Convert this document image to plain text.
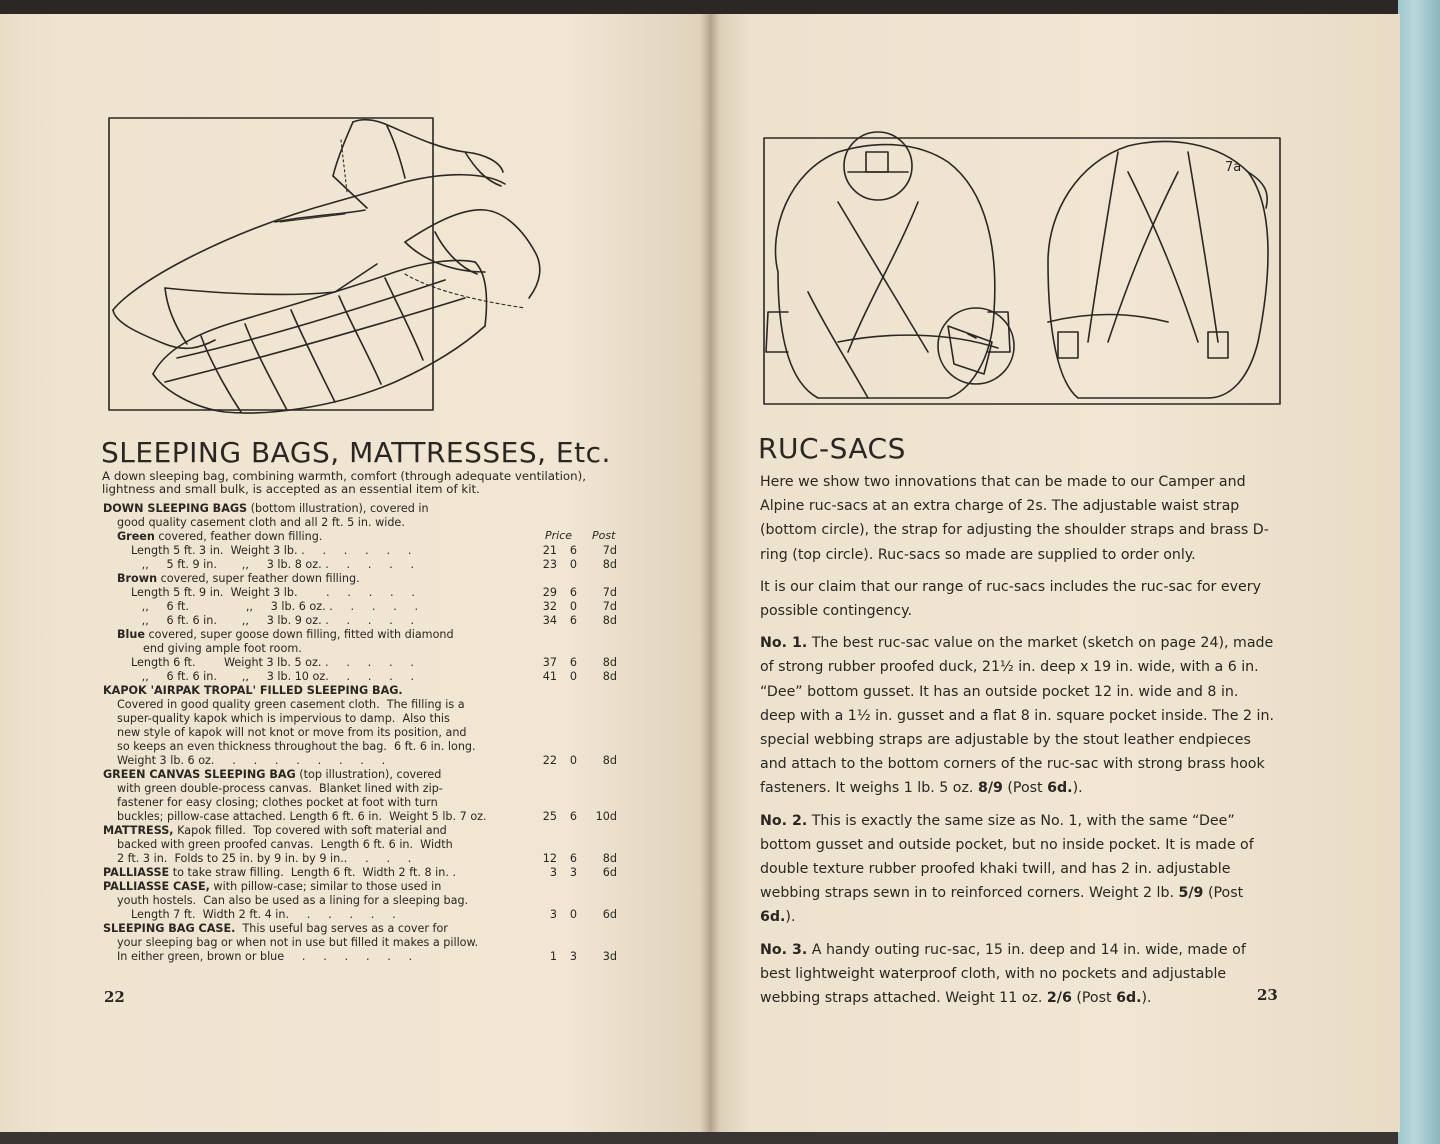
7a
SLEEPING BAGS, MATTRESSES, Etc.
A down sleeping bag, combining warmth, comfort (through adequate ventilation),
lightness and small bulk, is accepted as an essential item of kit.
Price Post
DOWN SLEEPING BAGS (bottom illustration), covered in
good quality casement cloth and all 2 ft. 5 in. wide.
Green covered, feather down filling.
Length 5 ft. 3 in.  Weight 3 lb. .     .     .     .     .     .	21	6	7d
,,     5 ft. 9 in.       ,,     3 lb. 8 oz. .     .     .     .     .	23	0	8d
Brown covered, super feather down filling.
Length 5 ft. 9 in.  Weight 3 lb.        .     .     .     .     .	29	6	7d
,,     6 ft.                ,,     3 lb. 6 oz. .     .     .     .     .	32	0	7d
,,     6 ft. 6 in.       ,,     3 lb. 9 oz. .     .     .     .     .	34	6	8d
Blue covered, super goose down filling, fitted with diamond
end giving ample foot room.
Length 6 ft.        Weight 3 lb. 5 oz. .     .     .     .     .	37	6	8d
,,     6 ft. 6 in.       ,,     3 lb. 10 oz.     .     .     .     .	41	0	8d
KAPOK 'AIRPAK TROPAL' FILLED SLEEPING BAG.
Covered in good quality green casement cloth.  The filling is a
super-quality kapok which is impervious to damp.  Also this
new style of kapok will not knot or move from its position, and
so keeps an even thickness throughout the bag.  6 ft. 6 in. long.
Weight 3 lb. 6 oz.     .     .     .     .     .     .     .     .	22	0	8d
GREEN CANVAS SLEEPING BAG (top illustration), covered
with green double-process canvas.  Blanket lined with zip-
fastener for easy closing; clothes pocket at foot with turn
buckles; pillow-case attached. Length 6 ft. 6 in.  Weight 5 lb. 7 oz.	25	6 10d
MATTRESS, Kapok filled.  Top covered with soft material and
backed with green proofed canvas.  Length 6 ft. 6 in.  Width
2 ft. 3 in.  Folds to 25 in. by 9 in. by 9 in..     .     .     .	12	6	8d
PALLIASSE to take straw filling.  Length 6 ft.  Width 2 ft. 8 in. .	3	3	6d
PALLIASSE CASE, with pillow-case; similar to those used in
youth hostels.  Can also be used as a lining for a sleeping bag.
Length 7 ft.  Width 2 ft. 4 in.     .     .     .     .     .	3	0	6d
SLEEPING BAG CASE.  This useful bag serves as a cover for
your sleeping bag or when not in use but filled it makes a pillow.
In either green, brown or blue     .     .     .     .     .     .	1	3	3d
22
RUC-SACS

Here we show two innovations that can be made to our Camper and Alpine ruc-sacs at an extra charge of 2s. The adjustable waist strap (bottom circle), the strap for adjusting the shoulder straps and brass D-ring (top circle). Ruc-sacs so made are supplied to order only.

It is our claim that our range of ruc-sacs includes the ruc-sac for every possible contingency.

No. 1. The best ruc-sac value on the market (sketch on page 24), made of strong rubber proofed duck, 21½ in. deep x 19 in. wide, with a 6 in. “Dee” bottom gusset. It has an outside pocket 12 in. wide and 8 in. deep with a 1½ in. gusset and a flat 8 in. square pocket inside. The 2 in. special webbing straps are adjustable by the stout leather endpieces and attach to the bottom corners of the ruc-sac with strong brass hook fasteners. It weighs 1 lb. 5 oz. 8/9 (Post 6d.).

No. 2. This is exactly the same size as No. 1, with the same “Dee” bottom gusset and outside pocket, but no inside pocket. It is made of double texture rubber proofed khaki twill, and has 2 in. adjustable webbing straps sewn in to reinforced corners. Weight 2 lb. 5/9 (Post 6d.).

No. 3. A handy outing ruc-sac, 15 in. deep and 14 in. wide, made of best lightweight waterproof cloth, with no pockets and adjustable webbing straps attached. Weight 11 oz. 2/6 (Post 6d.).	23
